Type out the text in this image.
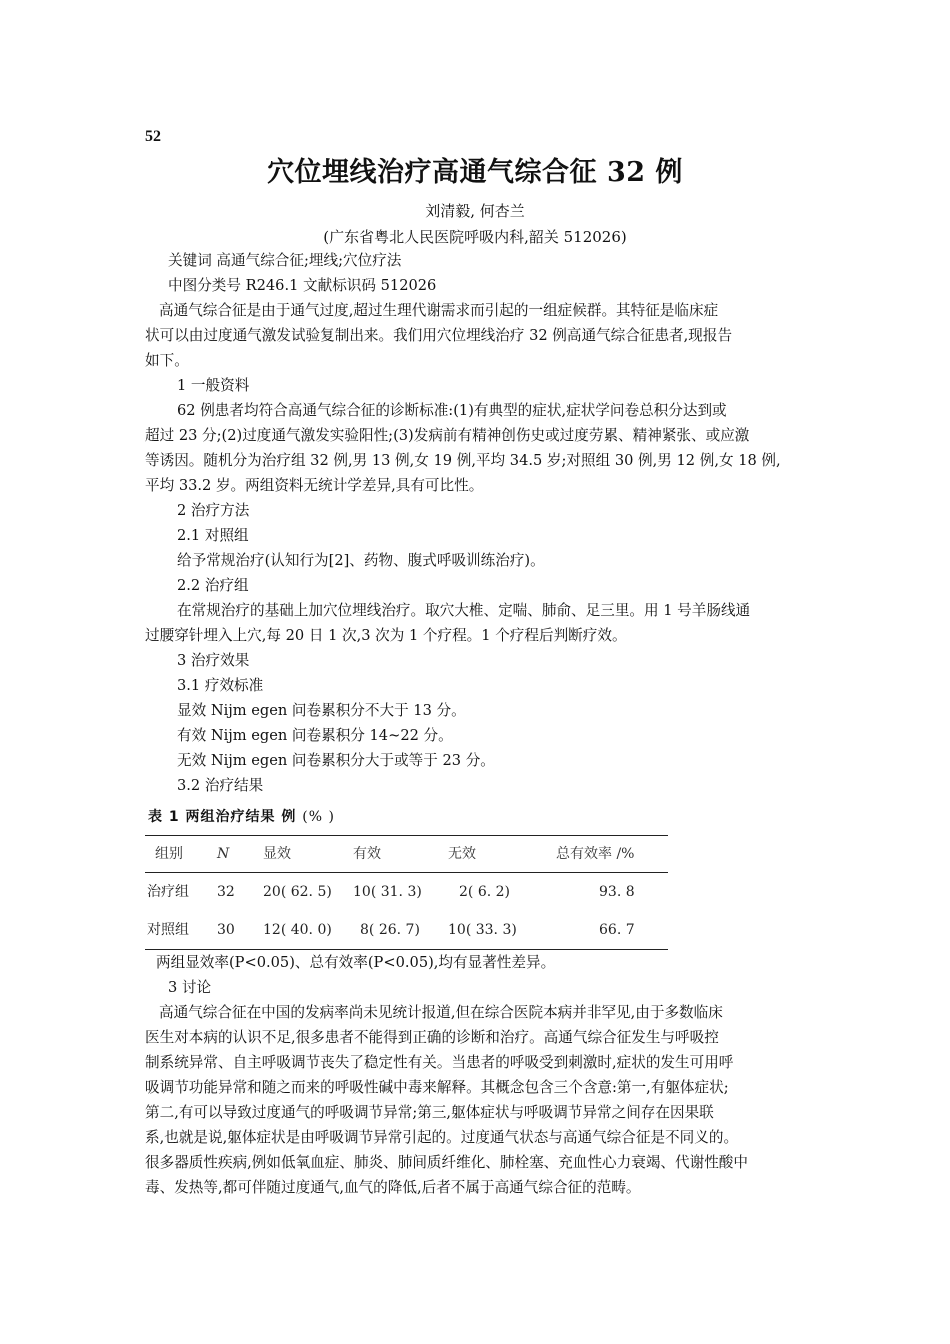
52
穴位埋线治疗高通气综合征 32 例
刘清毅, 何杏兰
(广东省粤北人民医院呼吸内科,韶关 512026)

关键词 高通气综合征;埋线;穴位疗法

中图分类号 R246.1 文献标识码 512026

高通气综合征是由于通气过度,超过生理代谢需求而引起的一组症候群。其特征是临床症

状可以由过度通气激发试验复制出来。我们用穴位埋线治疗 32 例高通气综合征患者,现报告

如下。

1 一般资料

62 例患者均符合高通气综合征的诊断标准:(1)有典型的症状,症状学问卷总积分达到或

超过 23 分;(2)过度通气激发实验阳性;(3)发病前有精神创伤史或过度劳累、精神紧张、或应激

等诱因。随机分为治疗组 32 例,男 13 例,女 19 例,平均 34.5 岁;对照组 30 例,男 12 例,女 18 例,

平均 33.2 岁。两组资料无统计学差异,具有可比性。

2 治疗方法

2.1 对照组

给予常规治疗(认知行为[2]、药物、腹式呼吸训练治疗)。

2.2 治疗组

在常规治疗的基础上加穴位埋线治疗。取穴大椎、定喘、肺俞、足三里。用 1 号羊肠线通

过腰穿针埋入上穴,每 20 日 1 次,3 次为 1 个疗程。1 个疗程后判断疗效。

3 治疗效果

3.1 疗效标准

显效 Nijm egen 问卷累积分不大于 13 分。

有效 Nijm egen 问卷累积分 14~22 分。

无效 Nijm egen 问卷累积分大于或等于 23 分。

3.2 治疗结果

表 1 两组治疗结果 例 (% )
组别	N	显效	有效	无效	总有效率 /%
治疗组	32	20( 62. 5)	10( 31. 3)	2( 6. 2)	93. 8
对照组	30	12( 40. 0)	8( 26. 7)	10( 33. 3)	66. 7

两组显效率(P<0.05)、总有效率(P<0.05),均有显著性差异。

3 讨论

高通气综合征在中国的发病率尚未见统计报道,但在综合医院本病并非罕见,由于多数临床

医生对本病的认识不足,很多患者不能得到正确的诊断和治疗。高通气综合征发生与呼吸控

制系统异常、自主呼吸调节丧失了稳定性有关。当患者的呼吸受到刺激时,症状的发生可用呼

吸调节功能异常和随之而来的呼吸性碱中毒来解释。其概念包含三个含意:第一,有躯体症状;

第二,有可以导致过度通气的呼吸调节异常;第三,躯体症状与呼吸调节异常之间存在因果联

系,也就是说,躯体症状是由呼吸调节异常引起的。过度通气状态与高通气综合征是不同义的。

很多器质性疾病,例如低氧血症、肺炎、肺间质纤维化、肺栓塞、充血性心力衰竭、代谢性酸中

毒、发热等,都可伴随过度通气,血气的降低,后者不属于高通气综合征的范畴。
